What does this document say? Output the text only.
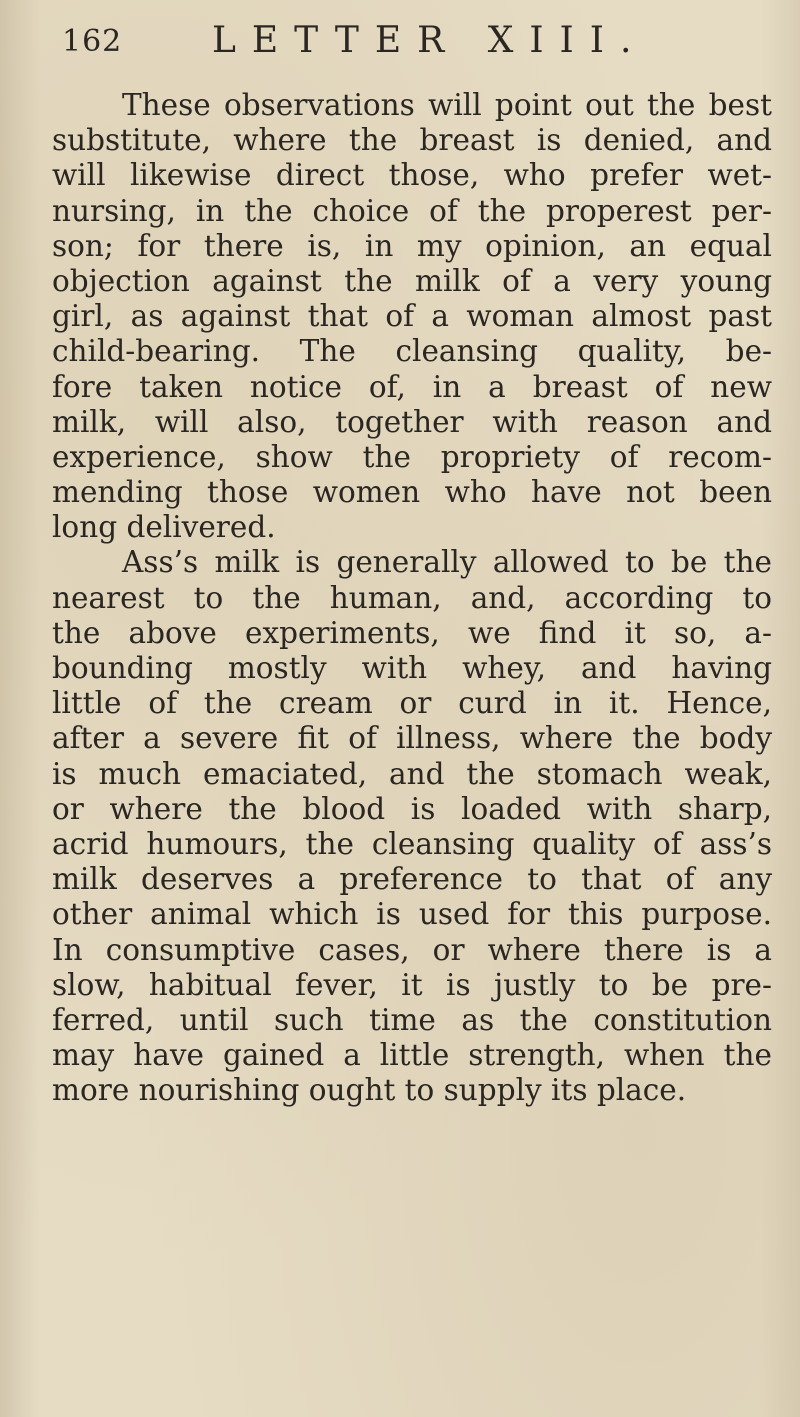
162 LETTER XIII.
These observations will point out the best
substitute, where the breast is denied, and
will likewise direct those, who prefer wet-
nursing, in the choice of the properest per-
son; for there is, in my opinion, an equal
objection against the milk of a very young
girl, as against that of a woman almost past
child-bearing. The cleansing quality, be-
fore taken notice of, in a breast of new
milk, will also, together with reason and
experience, show the propriety of recom-
mending those women who have not been
long delivered.
Ass’s milk is generally allowed to be the
nearest to the human, and, according to
the above experiments, we find it so, a-
bounding mostly with whey, and having
little of the cream or curd in it. Hence,
after a severe fit of illness, where the body
is much emaciated, and the stomach weak,
or where the blood is loaded with sharp,
acrid humours, the cleansing quality of ass’s
milk deserves a preference to that of any
other animal which is used for this purpose.
In consumptive cases, or where there is a
slow, habitual fever, it is justly to be pre-
ferred, until such time as the constitution
may have gained a little strength, when the
more nourishing ought to supply its place.
